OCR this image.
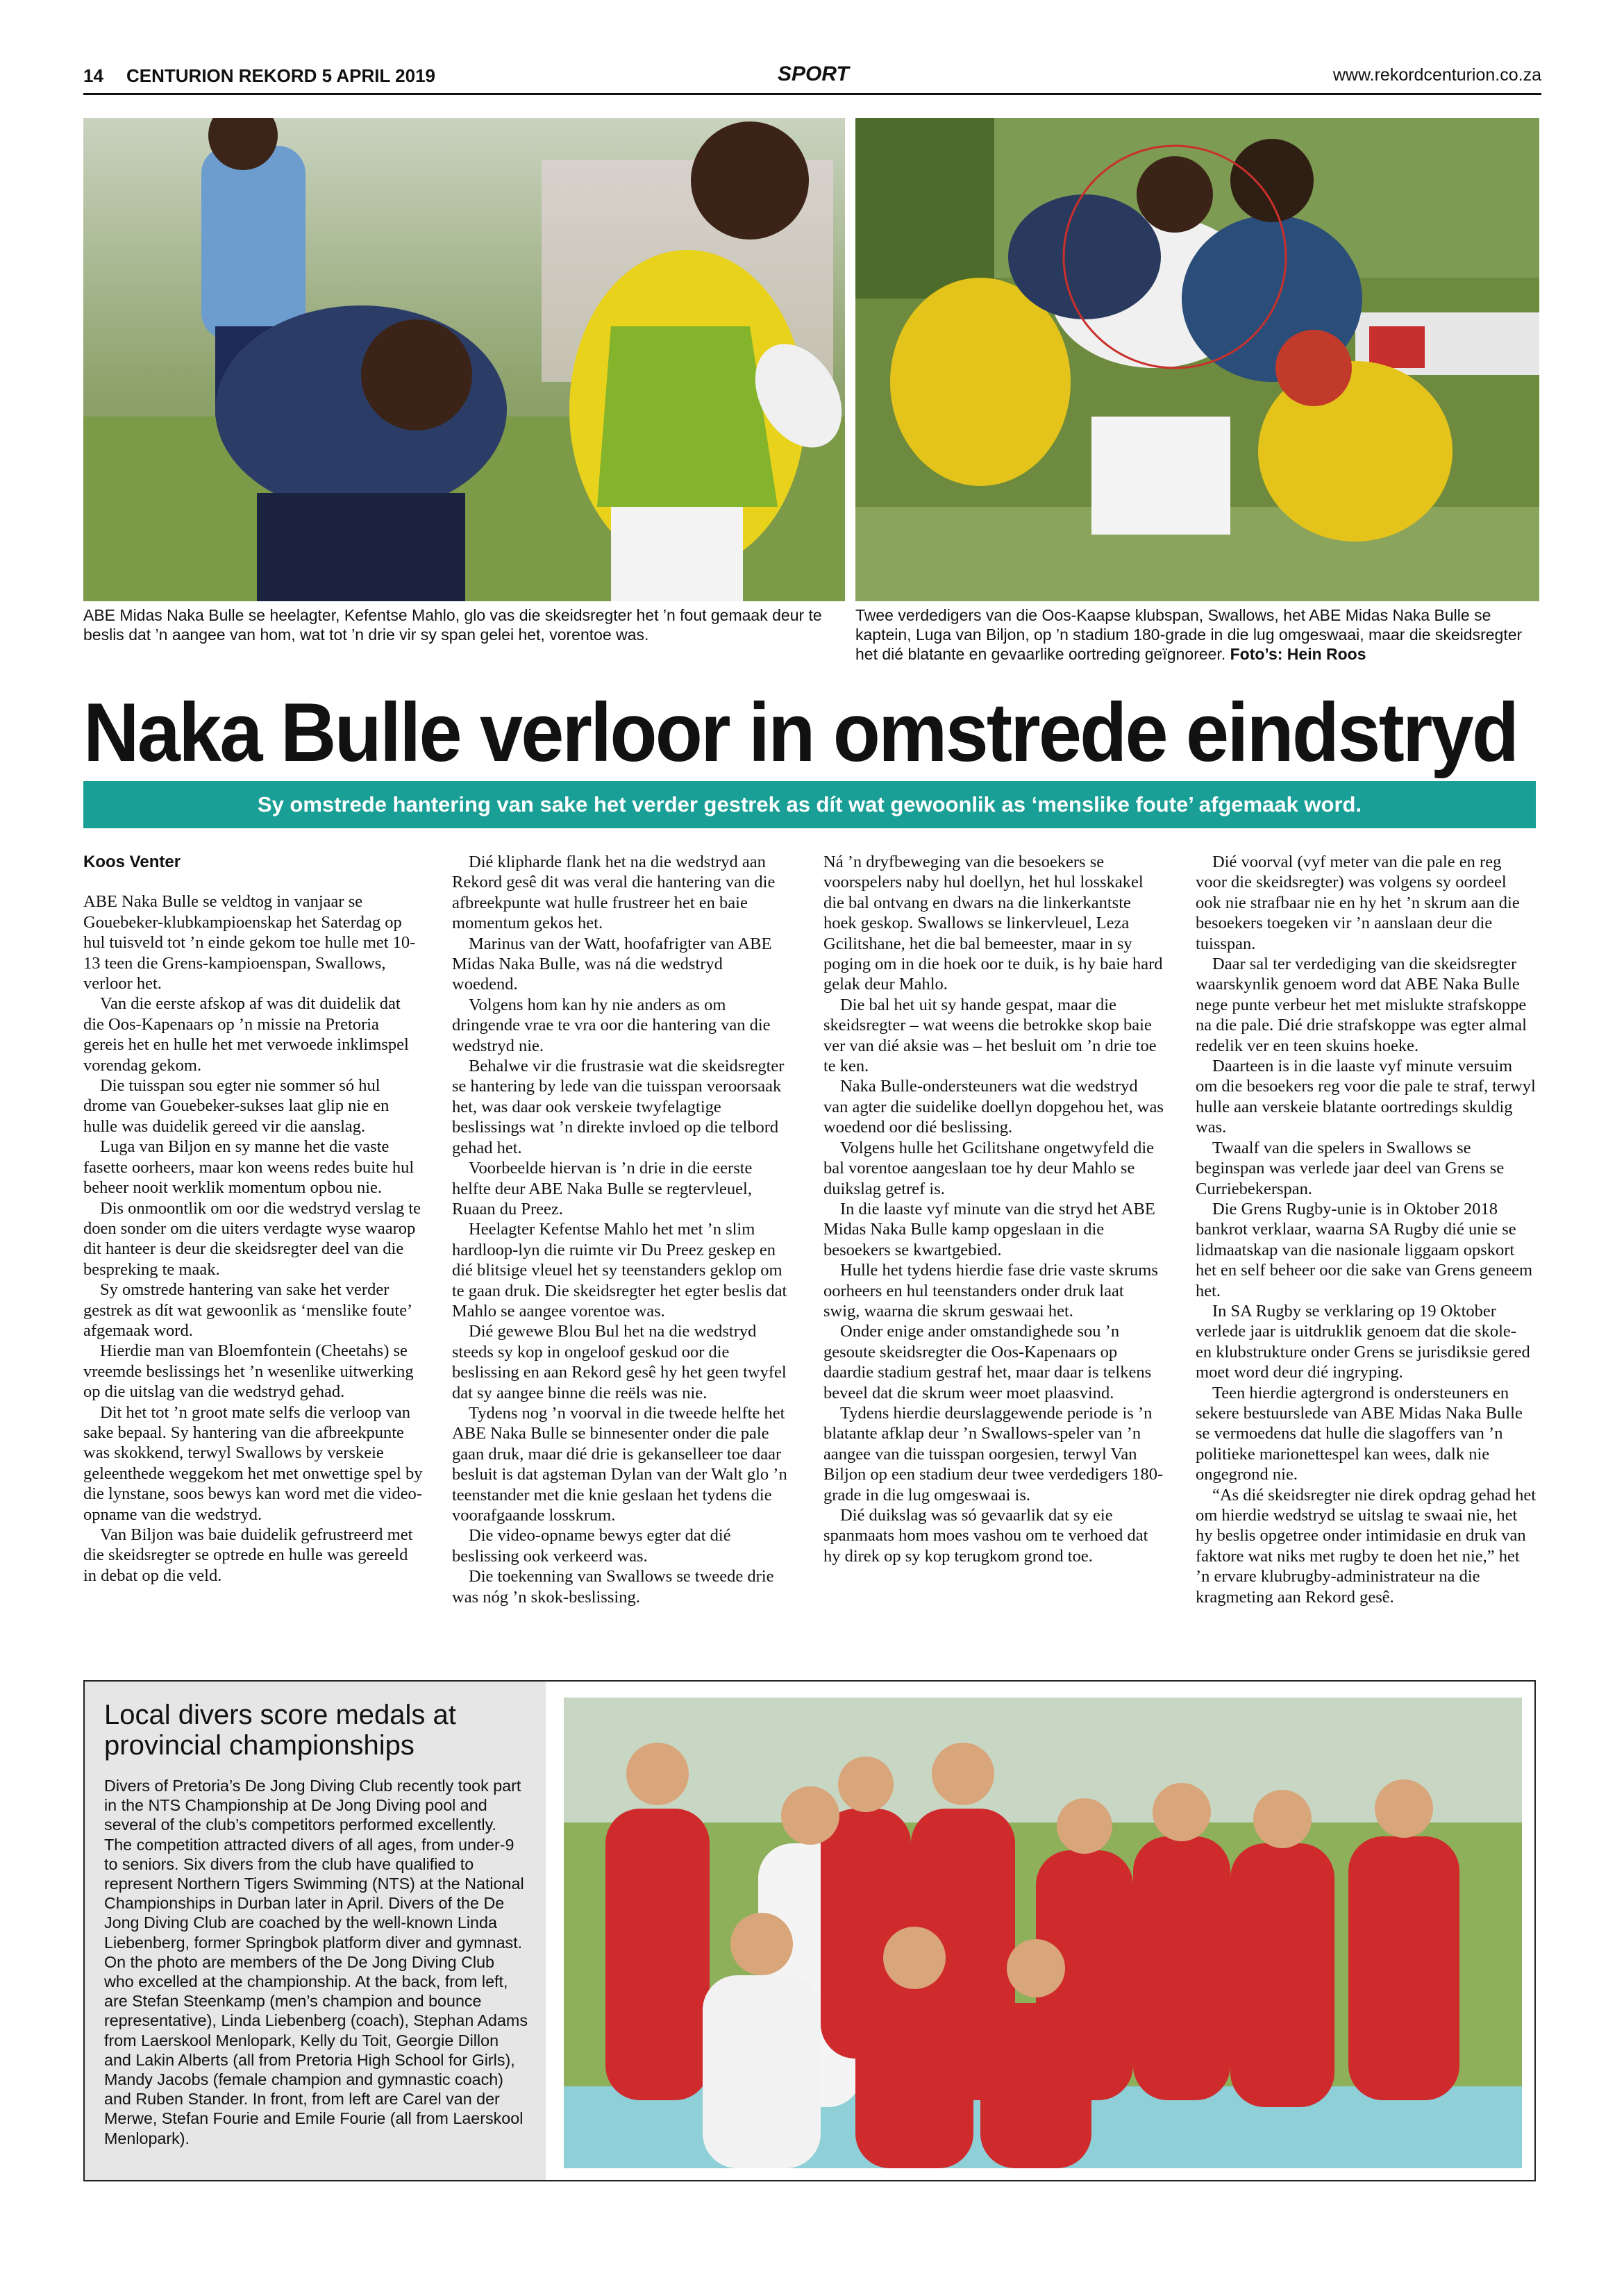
14 CENTURION REKORD 5 APRIL 2019	SPORT	www.rekordcenturion.co.za
ABE Midas Naka Bulle se heelagter, Kefentse Mahlo, glo vas die skeidsregter het ’n fout gemaak deur te beslis dat ’n aangee van hom, wat tot ’n drie vir sy span gelei het, vorentoe was.
Twee verdedigers van die Oos-Kaapse klubspan, Swallows, het ABE Midas Naka Bulle se kaptein, Luga van Biljon, op ’n stadium 180-grade in die lug omgeswaai, maar die skeidsregter het dié blatante en gevaarlike oortreding geïgnoreer. Foto’s: Hein Roos
Naka Bulle verloor in omstrede eindstryd
Sy omstrede hantering van sake het verder gestrek as dít wat gewoonlik as ‘menslike foute’ afgemaak word.
Koos Venter

ABE Naka Bulle se veldtog in vanjaar se Gouebeker-klubkampioenskap het Saterdag op hul tuisveld tot ’n einde gekom toe hulle met 10-13 teen die Grens-kampioenspan, Swallows, verloor het.

Van die eerste afskop af was dit duidelik dat die Oos-Kapenaars op ’n missie na Pretoria gereis het en hulle het met verwoede inklimspel vorendag gekom.

Die tuisspan sou egter nie sommer só hul drome van Gouebeker-sukses laat glip nie en hulle was duidelik gereed vir die aanslag.

Luga van Biljon en sy manne het die vaste fasette oorheers, maar kon weens redes buite hul beheer nooit werklik momentum opbou nie.

Dis onmoontlik om oor die wedstryd verslag te doen sonder om die uiters verdagte wyse waarop dit hanteer is deur die skeidsregter deel van die bespreking te maak.

Sy omstrede hantering van sake het verder gestrek as dít wat gewoonlik as ‘menslike foute’ afgemaak word.

Hierdie man van Bloemfontein (Cheetahs) se vreemde beslissings het ’n wesenlike uitwerking op die uitslag van die wedstryd gehad.

Dit het tot ’n groot mate selfs die verloop van sake bepaal. Sy hantering van die afbreekpunte was skokkend, terwyl Swallows by verskeie geleenthede weggekom het met onwettige spel by die lynstane, soos bewys kan word met die video-opname van die wedstryd.

Van Biljon was baie duidelik gefrustreerd met die skeidsregter se optrede en hulle was gereeld in debat op die veld.

Dié klipharde flank het na die wedstryd aan Rekord gesê dit was veral die hantering van die afbreekpunte wat hulle frustreer het en baie momentum gekos het.

Marinus van der Watt, hoofafrigter van ABE Midas Naka Bulle, was ná die wedstryd woedend.

Volgens hom kan hy nie anders as om dringende vrae te vra oor die hantering van die wedstryd nie.

Behalwe vir die frustrasie wat die skeidsregter se hantering by lede van die tuisspan veroorsaak het, was daar ook verskeie twyfelagtige beslissings wat ’n direkte invloed op die telbord gehad het.

Voorbeelde hiervan is ’n drie in die eerste helfte deur ABE Naka Bulle se regtervleuel, Ruaan du Preez.

Heelagter Kefentse Mahlo het met ’n slim hardloop-lyn die ruimte vir Du Preez geskep en dié blitsige vleuel het sy teenstanders geklop om te gaan druk. Die skeidsregter het egter beslis dat Mahlo se aangee vorentoe was.

Dié gewewe Blou Bul het na die wedstryd steeds sy kop in ongeloof geskud oor die beslissing en aan Rekord gesê hy het geen twyfel dat sy aangee binne die reëls was nie.

Tydens nog ’n voorval in die tweede helfte het ABE Naka Bulle se binnesenter onder die pale gaan druk, maar dié drie is gekanselleer toe daar besluit is dat agsteman Dylan van der Walt glo ’n teenstander met die knie geslaan het tydens die voorafgaande losskrum.

Die video-opname bewys egter dat dié beslissing ook verkeerd was.

Die toekenning van Swallows se tweede drie was nóg ’n skok-beslissing.

Ná ’n dryfbeweging van die besoekers se voorspelers naby hul doellyn, het hul losskakel die bal ontvang en dwars na die linkerkantste hoek geskop. Swallows se linkervleuel, Leza Gcilitshane, het die bal bemeester, maar in sy poging om in die hoek oor te duik, is hy baie hard gelak deur Mahlo.

Die bal het uit sy hande gespat, maar die skeidsregter – wat weens die betrokke skop baie ver van dié aksie was – het besluit om ’n drie toe te ken.

Naka Bulle-ondersteuners wat die wedstryd van agter die suidelike doellyn dopgehou het, was woedend oor dié beslissing.

Volgens hulle het Gcilitshane ongetwyfeld die bal vorentoe aangeslaan toe hy deur Mahlo se duikslag getref is.

In die laaste vyf minute van die stryd het ABE Midas Naka Bulle kamp opgeslaan in die besoekers se kwartgebied.

Hulle het tydens hierdie fase drie vaste skrums oorheers en hul teenstanders onder druk laat swig, waarna die skrum geswaai het.

Onder enige ander omstandighede sou ’n gesoute skeidsregter die Oos-Kapenaars op daardie stadium gestraf het, maar daar is telkens beveel dat die skrum weer moet plaasvind.

Tydens hierdie deurslaggewende periode is ’n blatante afklap deur ’n Swallows-speler van ’n aangee van die tuisspan oorgesien, terwyl Van Biljon op een stadium deur twee verdedigers 180-grade in die lug omgeswaai is.

Dié duikslag was só gevaarlik dat sy eie spanmaats hom moes vashou om te verhoed dat hy direk op sy kop terugkom grond toe.

Dié voorval (vyf meter van die pale en reg voor die skeidsregter) was volgens sy oordeel ook nie strafbaar nie en hy het ’n skrum aan die besoekers toegeken vir ’n aanslaan deur die tuisspan.

Daar sal ter verdediging van die skeidsregter waarskynlik genoem word dat ABE Naka Bulle nege punte verbeur het met mislukte strafskoppe na die pale. Dié drie strafskoppe was egter almal redelik ver en teen skuins hoeke.

Daarteen is in die laaste vyf minute versuim om die besoekers reg voor die pale te straf, terwyl hulle aan verskeie blatante oortredings skuldig was.

Twaalf van die spelers in Swallows se beginspan was verlede jaar deel van Grens se Curriebekerspan.

Die Grens Rugby-unie is in Oktober 2018 bankrot verklaar, waarna SA Rugby dié unie se lidmaatskap van die nasionale liggaam opskort het en self beheer oor die sake van Grens geneem het.

In SA Rugby se verklaring op 19 Oktober verlede jaar is uitdruklik genoem dat die skole- en klubstrukture onder Grens se jurisdiksie gered moet word deur dié ingryping.

Teen hierdie agtergrond is ondersteuners en sekere bestuurslede van ABE Midas Naka Bulle se vermoedens dat hulle die slagoffers van ’n politieke marionettespel kan wees, dalk nie ongegrond nie.

“As dié skeidsregter nie direk opdrag gehad het om hierdie wedstryd se uitslag te swaai nie, het hy beslis opgetree onder intimidasie en druk van faktore wat niks met rugby te doen het nie,” het ’n ervare klubrugby-administrateur na die kragmeting aan Rekord gesê.

Local divers score medals at provincial championships
Divers of Pretoria’s De Jong Diving Club recently took part in the NTS Championship at De Jong Diving pool and several of the club’s competitors performed excellently. The competition attracted divers of all ages, from under-9 to seniors. Six divers from the club have qualified to represent Northern Tigers Swimming (NTS) at the National Championships in Durban later in April. Divers of the De Jong Diving Club are coached by the well-known Linda Liebenberg, former Springbok platform diver and gymnast. On the photo are members of the De Jong Diving Club who excelled at the championship. At the back, from left, are Stefan Steenkamp (men’s champion and bounce representative), Linda Liebenberg (coach), Stephan Adams from Laerskool Menlopark, Kelly du Toit, Georgie Dillon and Lakin Alberts (all from Pretoria High School for Girls), Mandy Jacobs (female champion and gymnastic coach) and Ruben Stander. In front, from left are Carel van der Merwe, Stefan Fourie and Emile Fourie (all from Laerskool Menlopark).
